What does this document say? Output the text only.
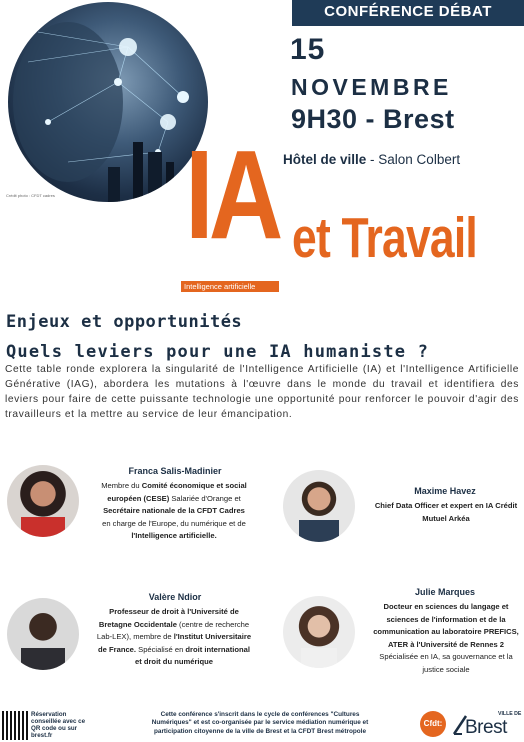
Crédit photo : CFDT cadres
CONFÉRENCE DÉBAT
15
NOVEMBRE
9H30 - Brest
Hôtel de ville - Salon Colbert
IA
Intelligence artificielle
et Travail
Enjeux et opportunités
Quels leviers pour une IA humaniste ?

Cette table ronde explorera la singularité de l'Intelligence Artificielle (IA) et l'Intelligence Artificielle Générative (IAG), abordera les mutations à l'œuvre dans le monde du travail et identifiera des leviers pour faire de cette puissante technologie une opportunité pour renforcer le pouvoir d'agir des travailleurs et la mettre au service de leur émancipation.

Franca Salis-Madinier
Membre du Comité économique et social européen (CESE) Salariée d'Orange et Secrétaire nationale de la CFDT Cadres en charge de l'Europe, du numérique et de l'Intelligence artificielle.
Maxime Havez
Chief Data Officer et expert en IA Crédit Mutuel Arkéa
Valère Ndior
Professeur de droit à l'Université de Bretagne Occidentale (centre de recherche Lab-LEX), membre de l'Institut Universitaire de France. Spécialisé en droit international et droit du numérique
Julie Marques
Docteur en sciences du langage et sciences de l'information et de la communication au laboratoire PREFICS, ATER à l'Université de Rennes 2 Spécialisée en IA, sa gouvernance et la justice sociale
Réservation conseillée avec ce QR code ou sur brest.fr
Cette conférence s'inscrit dans le cycle de conférences "Cultures Numériques" et est co-organisée par le service médiation numérique et participation citoyenne de la ville de Brest et la CFDT Brest métropole
Cfdt:
VILLE DE
Brest
